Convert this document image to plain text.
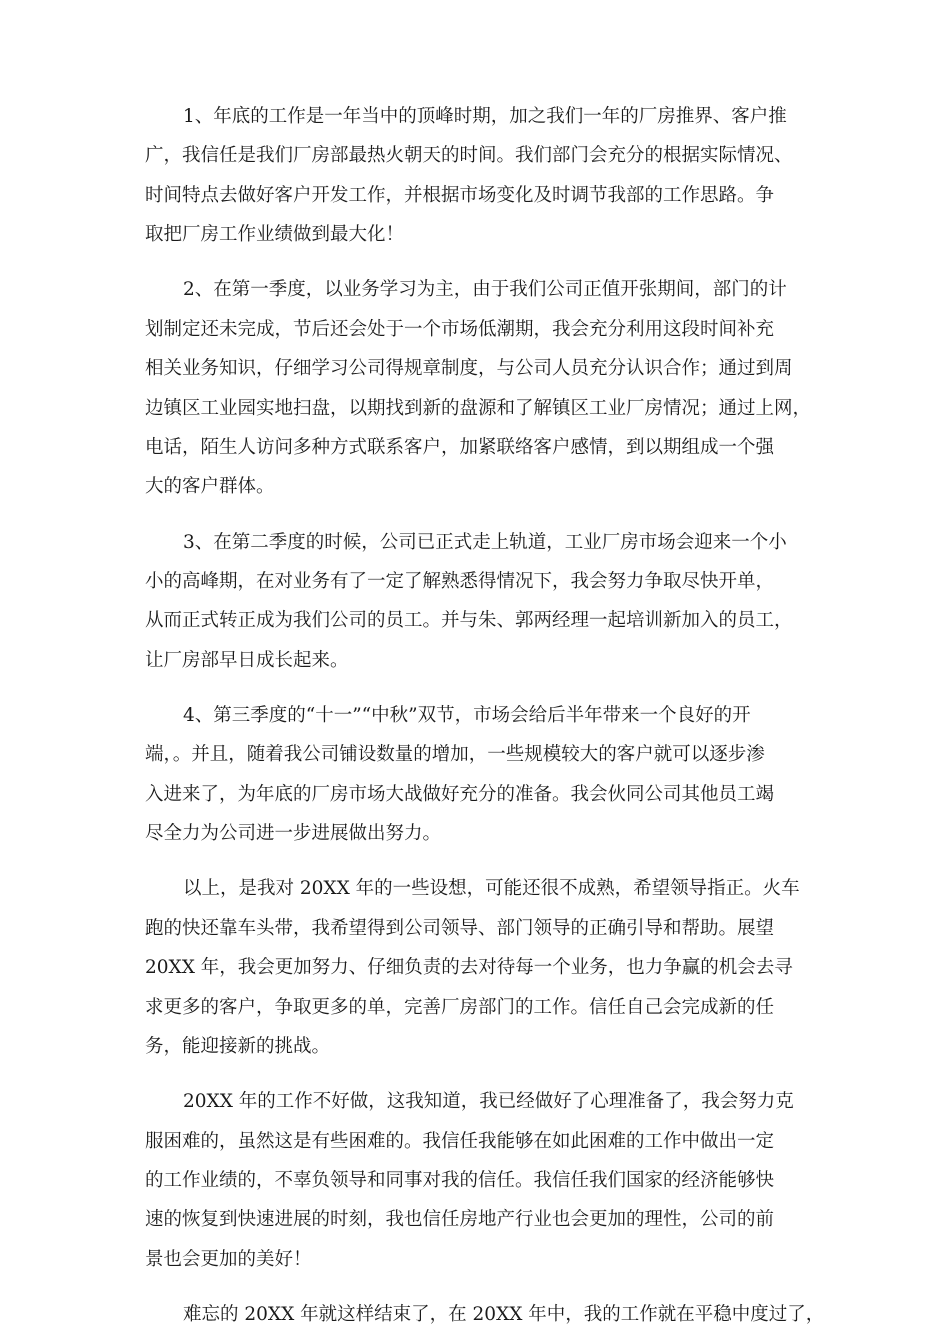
1、年底的工作是一年当中的顶峰时期，加之我们一年的厂房推界、客户推
广，我信任是我们厂房部最热火朝天的时间。我们部门会充分的根据实际情况、
时间特点去做好客户开发工作，并根据市场变化及时调节我部的工作思路。争
取把厂房工作业绩做到最大化！
2、在第一季度，以业务学习为主，由于我们公司正值开张期间，部门的计
划制定还未完成，节后还会处于一个市场低潮期，我会充分利用这段时间补充
相关业务知识，仔细学习公司得规章制度，与公司人员充分认识合作；通过到周
边镇区工业园实地扫盘，以期找到新的盘源和了解镇区工业厂房情况；通过上网，
电话，陌生人访问多种方式联系客户，加紧联络客户感情，到以期组成一个强
大的客户群体。
3、在第二季度的时候，公司已正式走上轨道，工业厂房市场会迎来一个小
小的高峰期，在对业务有了一定了解熟悉得情况下，我会努力争取尽快开单，
从而正式转正成为我们公司的员工。并与朱、郭两经理一起培训新加入的员工，
让厂房部早日成长起来。
4、第三季度的“十一”“中秋”双节，市场会给后半年带来一个良好的开
端，。并且，随着我公司铺设数量的增加，一些规模较大的客户就可以逐步渗
入进来了，为年底的厂房市场大战做好充分的准备。我会伙同公司其他员工竭
尽全力为公司进一步进展做出努力。
以上，是我对 20XX 年的一些设想，可能还很不成熟，希望领导指正。火车
跑的快还靠车头带，我希望得到公司领导、部门领导的正确引导和帮助。展望
20XX 年，我会更加努力、仔细负责的去对待每一个业务，也力争赢的机会去寻
求更多的客户，争取更多的单，完善厂房部门的工作。信任自己会完成新的任
务，能迎接新的挑战。
20XX 年的工作不好做，这我知道，我已经做好了心理准备了，我会努力克
服困难的，虽然这是有些困难的。我信任我能够在如此困难的工作中做出一定
的工作业绩的，不辜负领导和同事对我的信任。我信任我们国家的经济能够快
速的恢复到快速进展的时刻，我也信任房地产行业也会更加的理性，公司的前
景也会更加的美好！
难忘的 20XX 年就这样结束了，在 20XX 年中，我的工作就在平稳中度过了，
